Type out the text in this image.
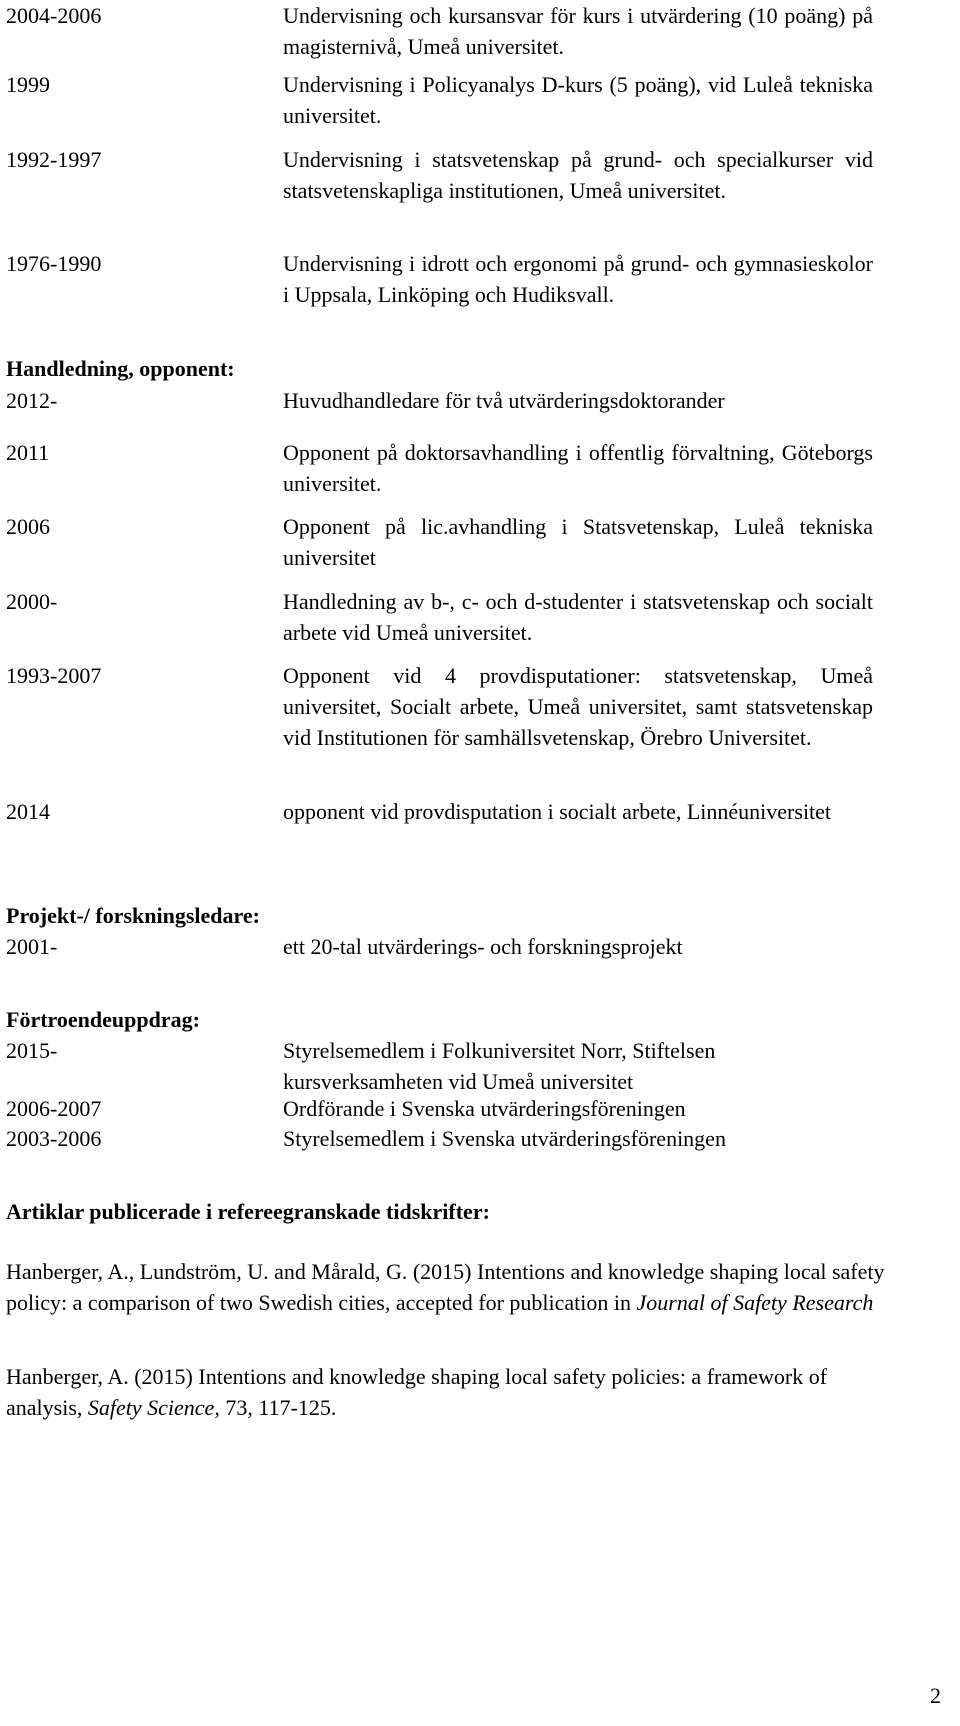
2004-2006	Undervisning och kursansvar för kurs i utvärdering (10 poäng) på magisternivå, Umeå universitet.
1999	Undervisning i Policyanalys D-kurs (5 poäng), vid Luleå tekniska universitet.
1992-1997	Undervisning i statsvetenskap på grund- och specialkurser vid statsvetenskapliga institutionen, Umeå universitet.
1976-1990	Undervisning i idrott och ergonomi på grund- och gymnasieskolor i Uppsala, Linköping och Hudiksvall.
Handledning, opponent:
2012-	Huvudhandledare för två utvärderingsdoktorander
2011	Opponent på doktorsavhandling i offentlig förvaltning, Göteborgs universitet.
2006	Opponent på lic.avhandling i Statsvetenskap, Luleå tekniska universitet
2000-	Handledning av b-, c- och d-studenter i statsvetenskap och socialt arbete vid Umeå universitet.
1993-2007	Opponent vid 4 provdisputationer: statsvetenskap, Umeå universitet, Socialt arbete, Umeå universitet, samt statsvetenskap vid Institutionen för samhällsvetenskap, Örebro Universitet.
2014	opponent vid provdisputation i socialt arbete, Linnéuniversitet
Projekt-/ forskningsledare:
2001-	ett 20-tal utvärderings- och forskningsprojekt
Förtroendeuppdrag:
2015-	Styrelsemedlem i Folkuniversitet Norr, Stiftelsen kursverksamheten vid Umeå universitet
2006-2007	Ordförande i Svenska utvärderingsföreningen
2003-2006	Styrelsemedlem i Svenska utvärderingsföreningen
Artiklar publicerade i refereegranskade tidskrifter:
Hanberger, A., Lundström, U. and Mårald, G. (2015) Intentions and knowledge shaping local safety policy: a comparison of two Swedish cities, accepted for publication in Journal of Safety Research
Hanberger, A. (2015) Intentions and knowledge shaping local safety policies: a framework of analysis, Safety Science, 73, 117-125.
2
